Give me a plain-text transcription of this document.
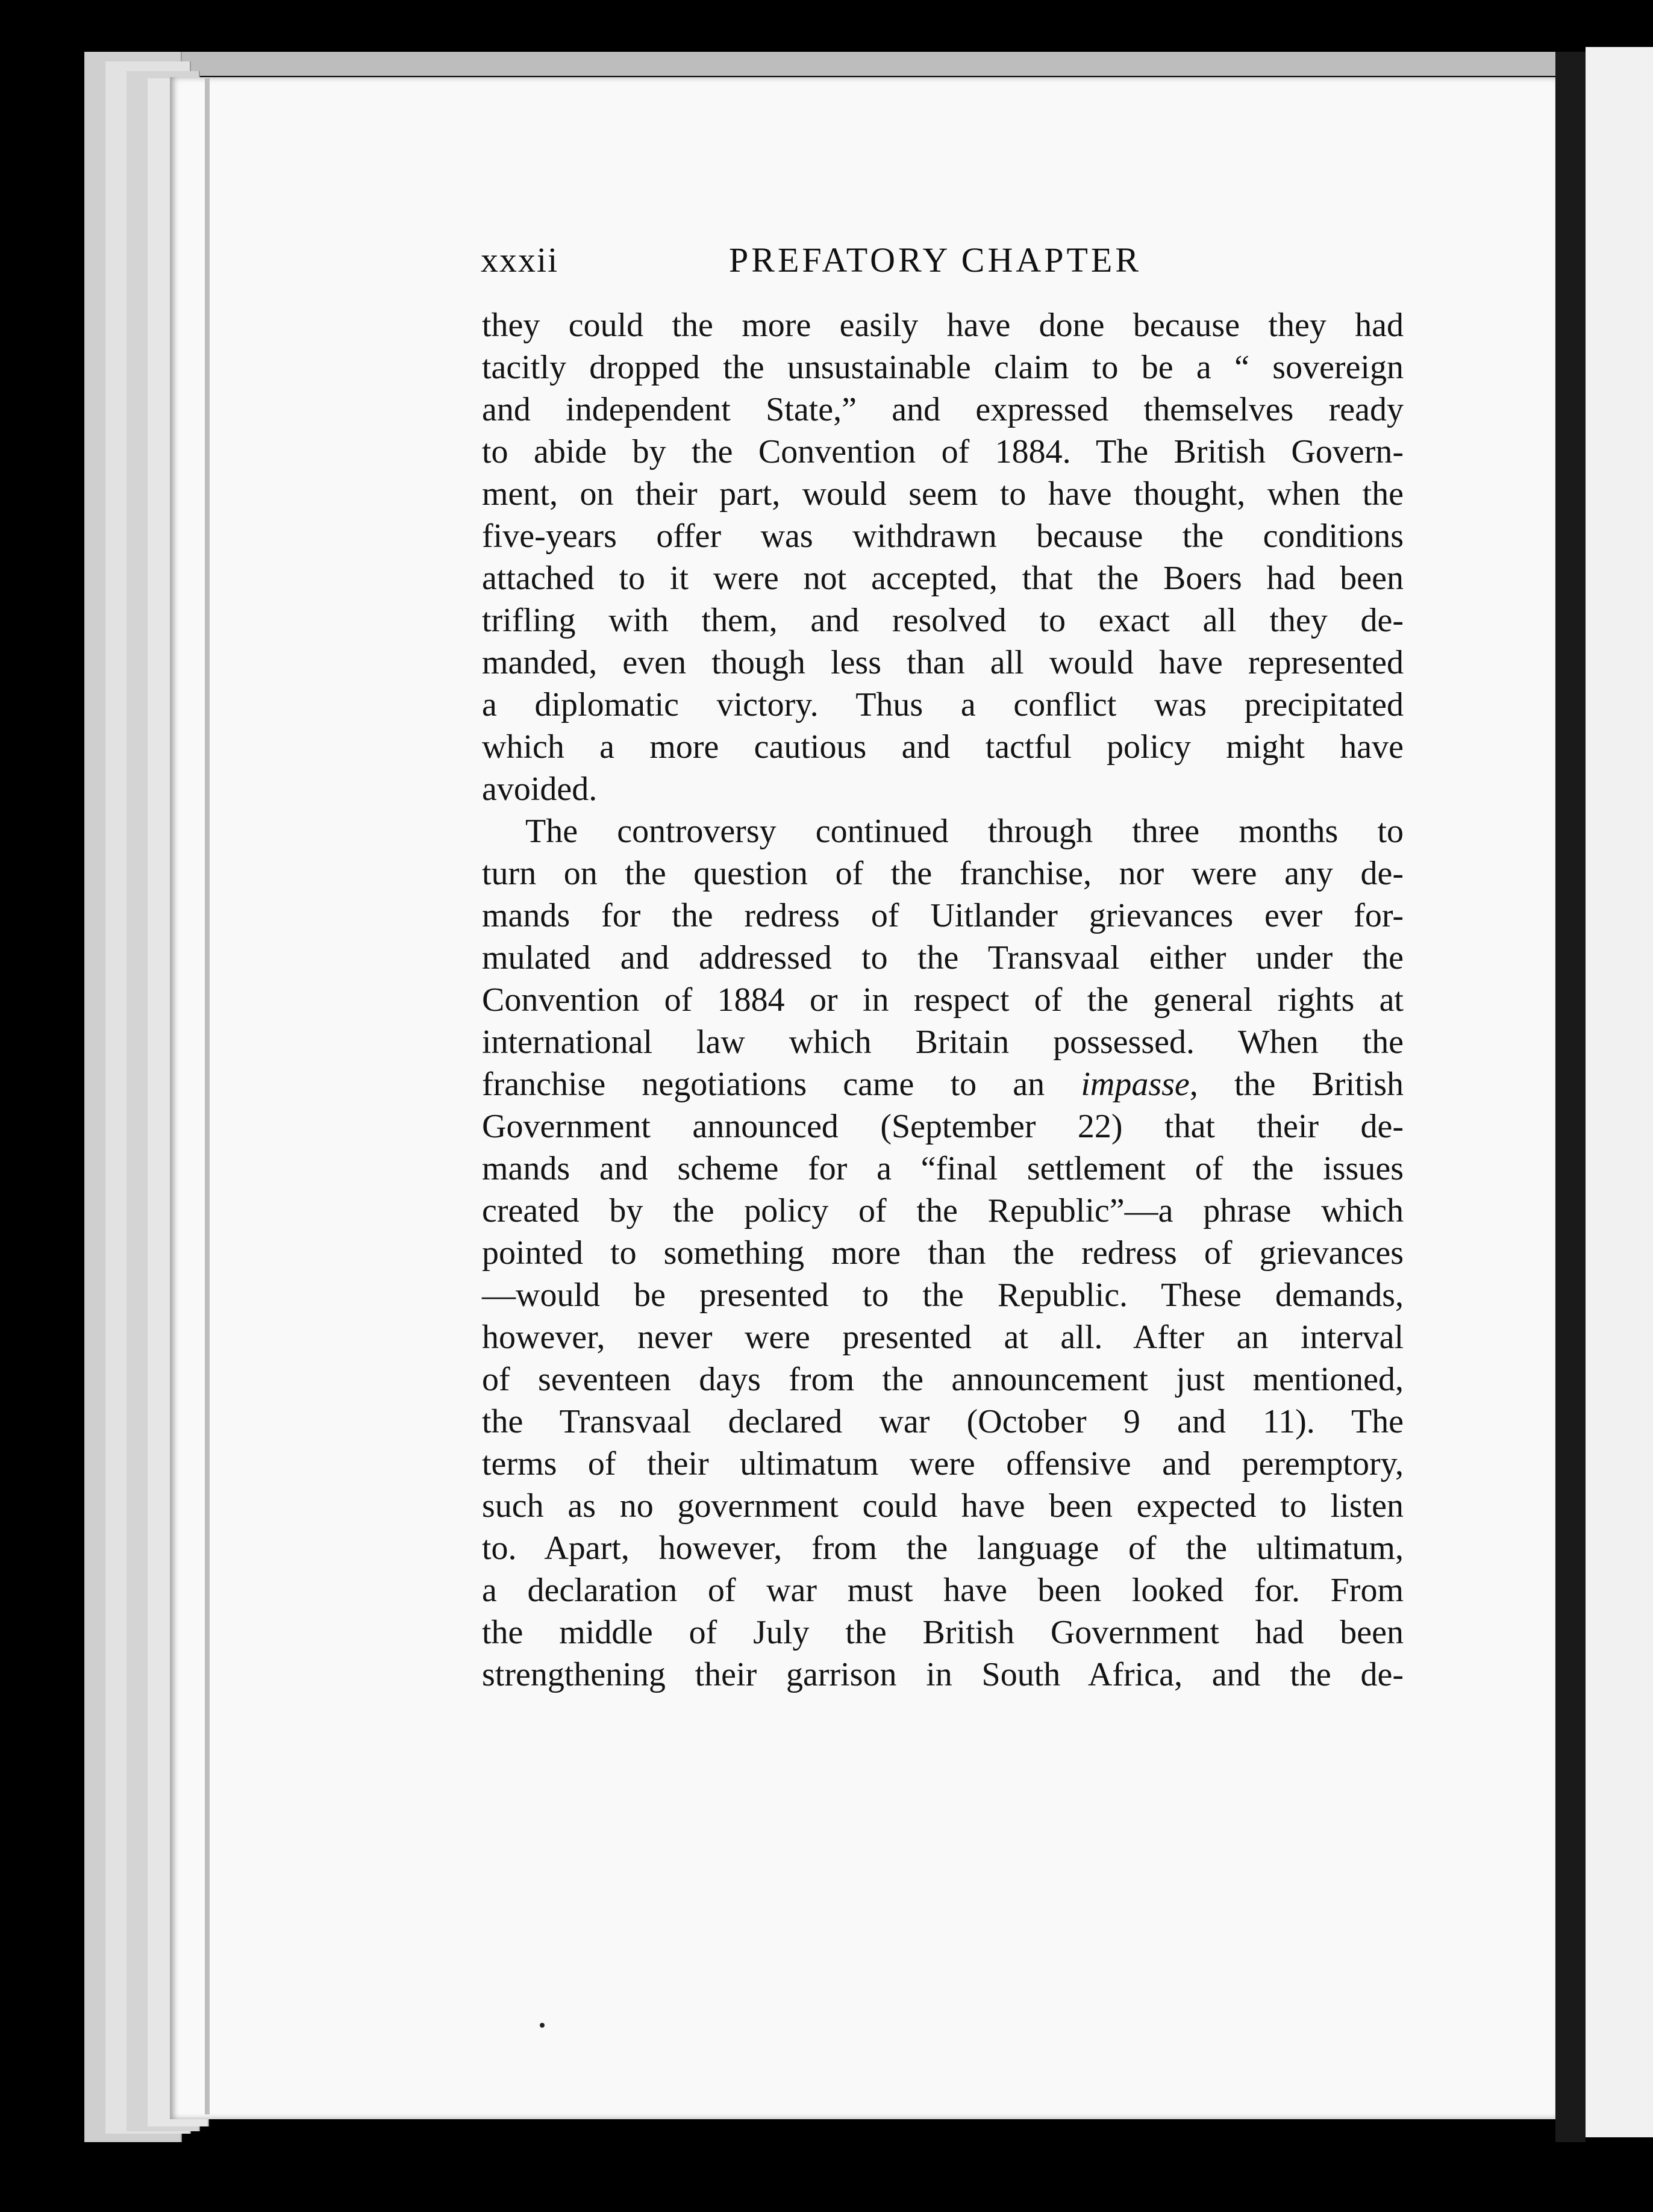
xxxii	PREFATORY CHAPTER
they could the more easily have done because they had
tacitly dropped the unsustainable claim to be a “ sovereign
and independent State,” and expressed themselves ready
to abide by the Convention of 1884. The British Govern-
ment, on their part, would seem to have thought, when the
five-years offer was withdrawn because the conditions
attached to it were not accepted, that the Boers had been
trifling with them, and resolved to exact all they de-
manded, even though less than all would have represented
a diplomatic victory. Thus a conflict was precipitated
which a more cautious and tactful policy might have
avoided.
The controversy continued through three months to
turn on the question of the franchise, nor were any de-
mands for the redress of Uitlander grievances ever for-
mulated and addressed to the Transvaal either under the
Convention of 1884 or in respect of the general rights at
international law which Britain possessed. When the
franchise negotiations came to an impasse, the British
Government announced (September 22) that their de-
mands and scheme for a “final settlement of the issues
created by the policy of the Republic”—a phrase which
pointed to something more than the redress of grievances
—would be presented to the Republic. These demands,
however, never were presented at all. After an interval
of seventeen days from the announcement just mentioned,
the Transvaal declared war (October 9 and 11). The
terms of their ultimatum were offensive and peremptory,
such as no government could have been expected to listen
to. Apart, however, from the language of the ultimatum,
a declaration of war must have been looked for. From
the middle of July the British Government had been
strengthening their garrison in South Africa, and the de-
